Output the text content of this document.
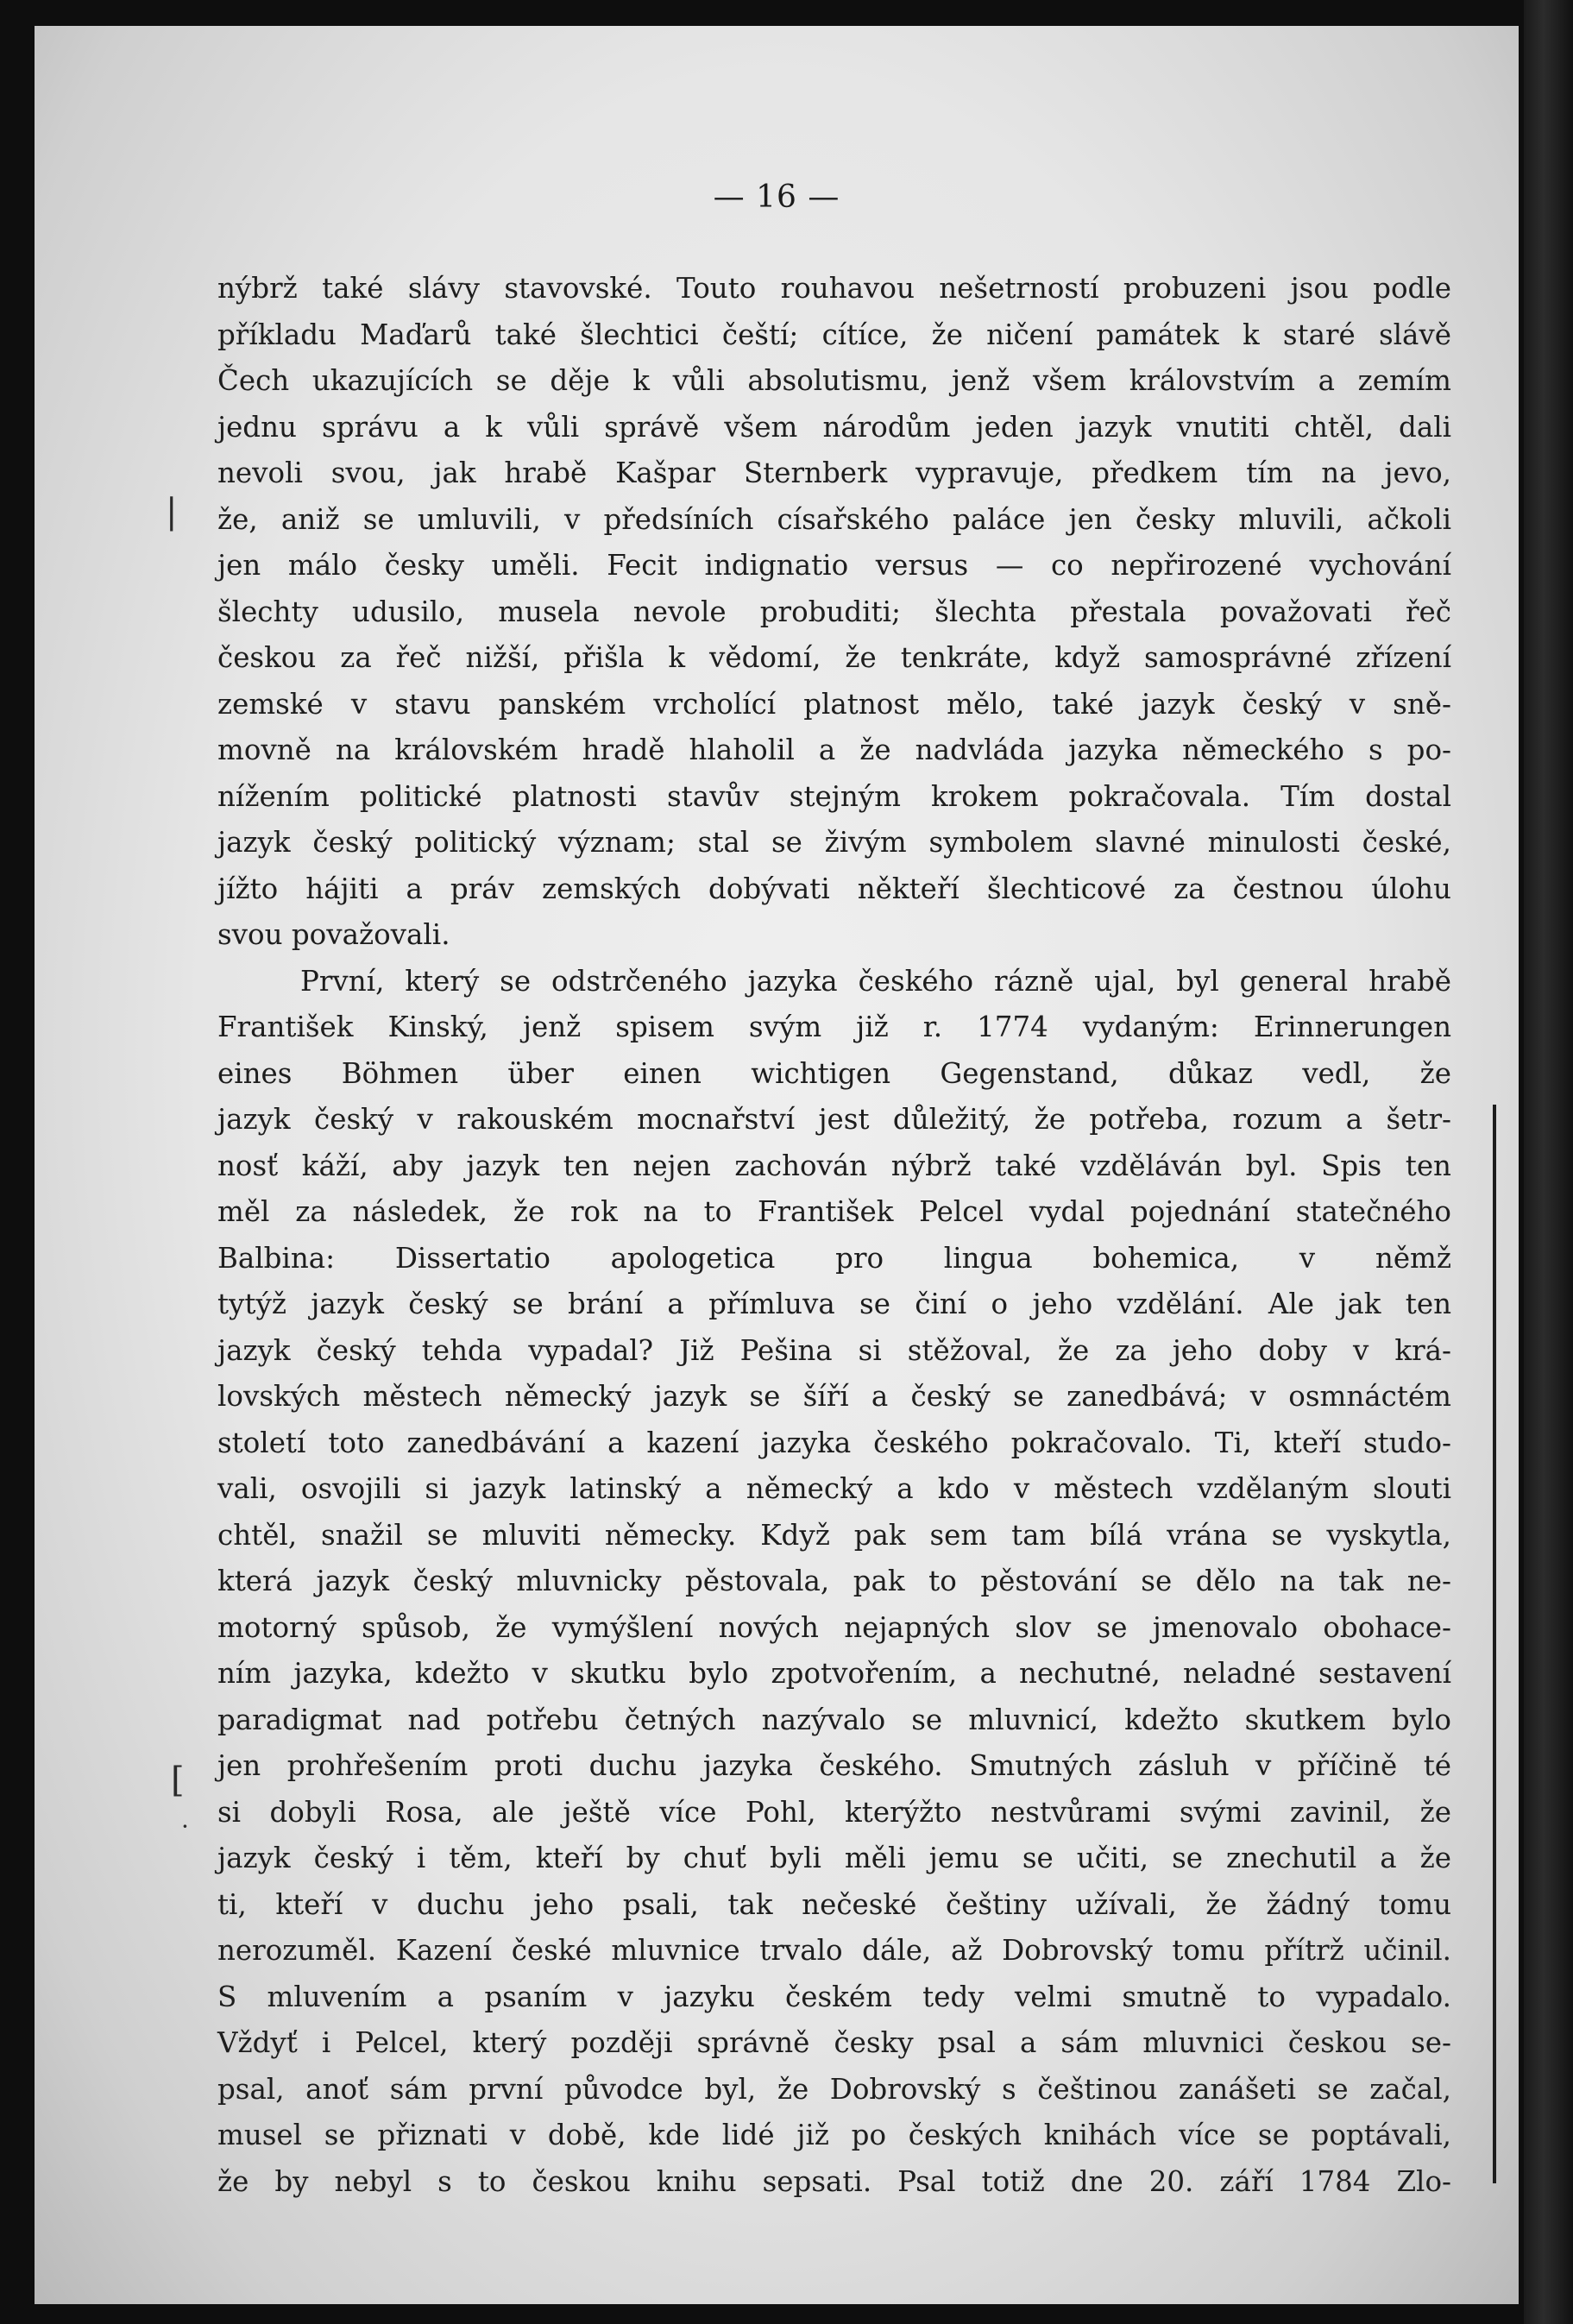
— 16 —
|
[
·
nýbrž také slávy stavovské. Touto rouhavou nešetrností probuzeni jsou podle
příkladu Maďarů také šlechtici čeští; cítíce, že ničení památek k staré slávě
Čech ukazujících se děje k vůli absolutismu, jenž všem královstvím a zemím
jednu správu a k vůli správě všem národům jeden jazyk vnutiti chtěl, dali
nevoli svou, jak hrabě Kašpar Sternberk vypravuje, předkem tím na jevo,
že, aniž se umluvili, v předsíních císařského paláce jen česky mluvili, ačkoli
jen málo česky uměli. Fecit indignatio versus — co nepřirozené vychování
šlechty udusilo, musela nevole probuditi; šlechta přestala považovati řeč
českou za řeč nižší, přišla k vědomí, že tenkráte, když samosprávné zřízení
zemské v stavu panském vrcholící platnost mělo, také jazyk český v sně-
movně na královském hradě hlaholil a že nadvláda jazyka německého s po-
nížením politické platnosti stavův stejným krokem pokračovala. Tím dostal
jazyk český politický význam; stal se živým symbolem slavné minulosti české,
jížto hájiti a práv zemských dobývati někteří šlechticové za čestnou úlohu
svou považovali.
První, který se odstrčeného jazyka českého rázně ujal, byl general hrabě
František Kinský, jenž spisem svým již r. 1774 vydaným: Erinnerungen
eines Böhmen über einen wichtigen Gegenstand, důkaz vedl, že
jazyk český v rakouském mocnařství jest důležitý, že potřeba, rozum a šetr-
nosť káží, aby jazyk ten nejen zachován nýbrž také vzděláván byl. Spis ten
měl za následek, že rok na to František Pelcel vydal pojednání statečného
Balbina: Dissertatio apologetica pro lingua bohemica, v němž
tytýž jazyk český se brání a přímluva se činí o jeho vzdělání. Ale jak ten
jazyk český tehda vypadal? Již Pešina si stěžoval, že za jeho doby v krá-
lovských městech německý jazyk se šíří a český se zanedbává; v osmnáctém
století toto zanedbávání a kazení jazyka českého pokračovalo. Ti, kteří studo-
vali, osvojili si jazyk latinský a německý a kdo v městech vzdělaným slouti
chtěl, snažil se mluviti německy. Když pak sem tam bílá vrána se vyskytla,
která jazyk český mluvnicky pěstovala, pak to pěstování se dělo na tak ne-
motorný spůsob, že vymýšlení nových nejapných slov se jmenovalo obohace-
ním jazyka, kdežto v skutku bylo zpotvořením, a nechutné, neladné sestavení
paradigmat nad potřebu četných nazývalo se mluvnicí, kdežto skutkem bylo
jen prohřešením proti duchu jazyka českého. Smutných zásluh v příčině té
si dobyli Rosa, ale ještě více Pohl, kterýžto nestvůrami svými zavinil, že
jazyk český i těm, kteří by chuť byli měli jemu se učiti, se znechutil a že
ti, kteří v duchu jeho psali, tak nečeské češtiny užívali, že žádný tomu
nerozuměl. Kazení české mluvnice trvalo dále, až Dobrovský tomu přítrž učinil.
S mluvením a psaním v jazyku českém tedy velmi smutně to vypadalo.
Vždyť i Pelcel, který později správně česky psal a sám mluvnici českou se-
psal, anoť sám první původce byl, že Dobrovský s češtinou zanášeti se začal,
musel se přiznati v době, kde lidé již po českých knihách více se poptávali,
že by nebyl s to českou knihu sepsati. Psal totiž dne 20. září 1784 Zlo-
